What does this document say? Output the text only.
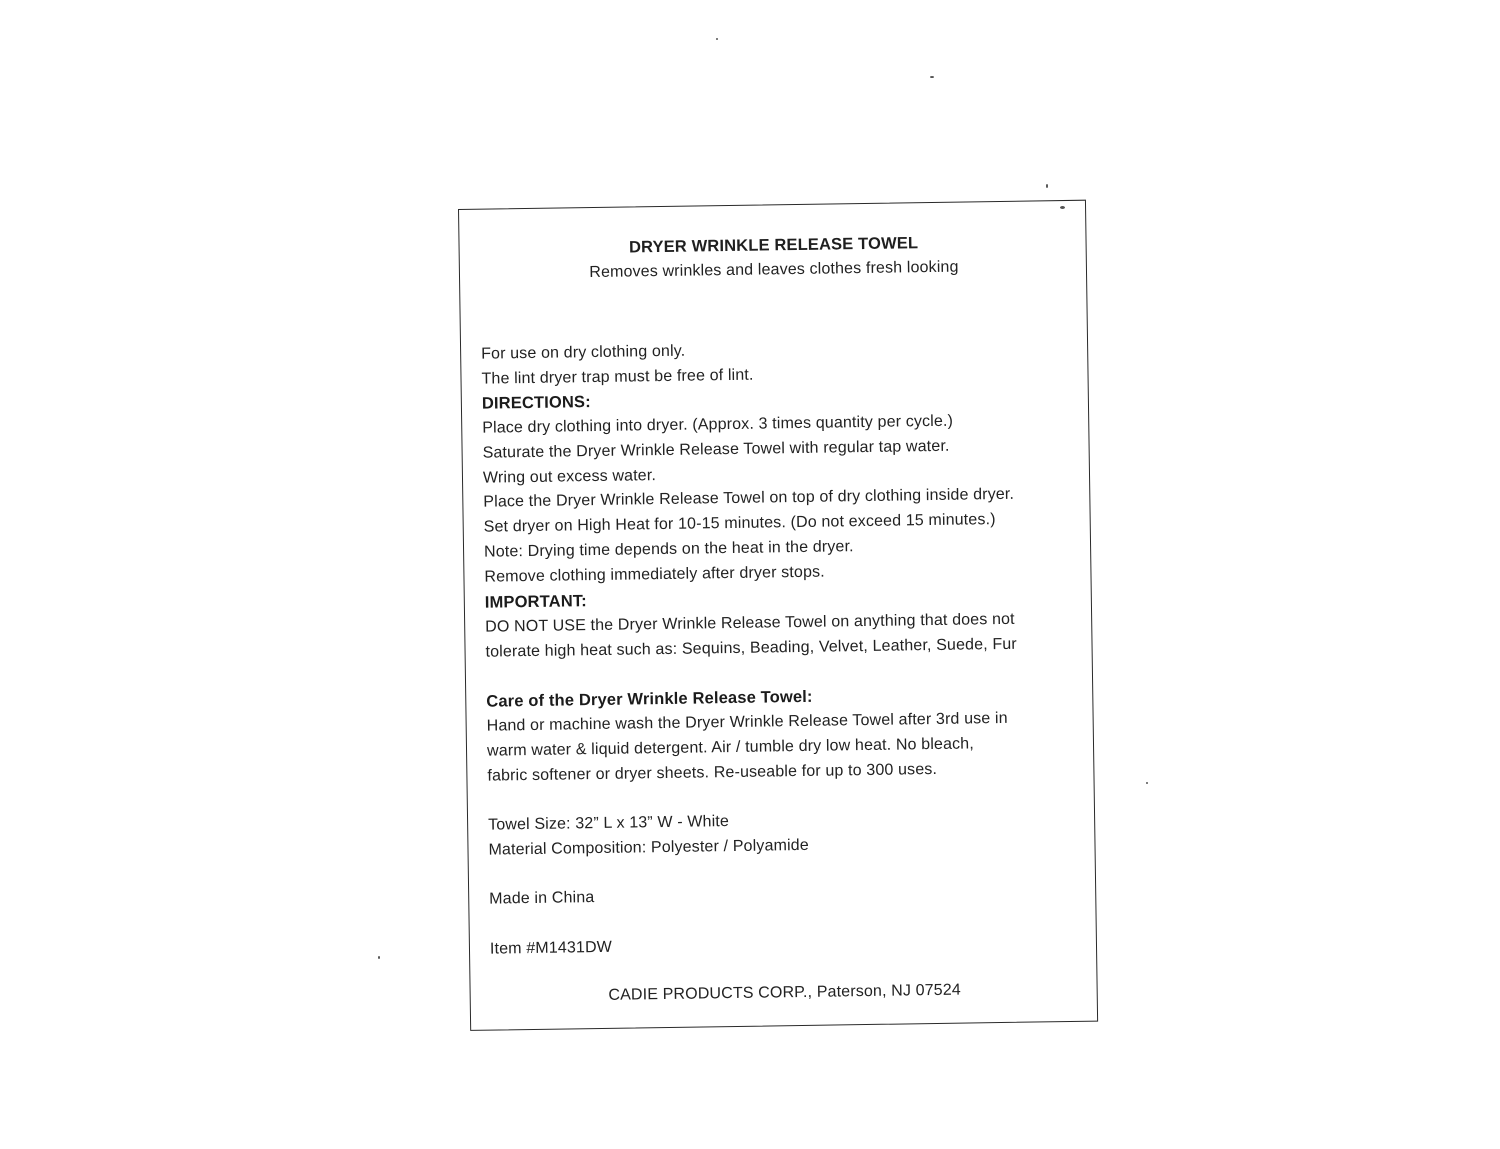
DRYER WRINKLE RELEASE TOWEL
Removes wrinkles and leaves clothes fresh looking
For use on dry clothing only.
The lint dryer trap must be free of lint.
DIRECTIONS:
Place dry clothing into dryer. (Approx. 3 times quantity per cycle.)
Saturate the Dryer Wrinkle Release Towel with regular tap water.
Wring out excess water.
Place the Dryer Wrinkle Release Towel on top of dry clothing inside dryer.
Set dryer on High Heat for 10-15 minutes. (Do not exceed 15 minutes.)
Note: Drying time depends on the heat in the dryer.
Remove clothing immediately after dryer stops.
IMPORTANT:
DO NOT USE the Dryer Wrinkle Release Towel on anything that does not
tolerate high heat such as: Sequins, Beading, Velvet, Leather, Suede, Fur
Care of the Dryer Wrinkle Release Towel:
Hand or machine wash the Dryer Wrinkle Release Towel after 3rd use in
warm water & liquid detergent. Air / tumble dry low heat. No bleach,
fabric softener or dryer sheets. Re-useable for up to 300 uses.
Towel Size: 32” L x 13” W - White
Material Composition: Polyester / Polyamide
Made in China
Item #M1431DW
CADIE PRODUCTS CORP., Paterson, NJ 07524
